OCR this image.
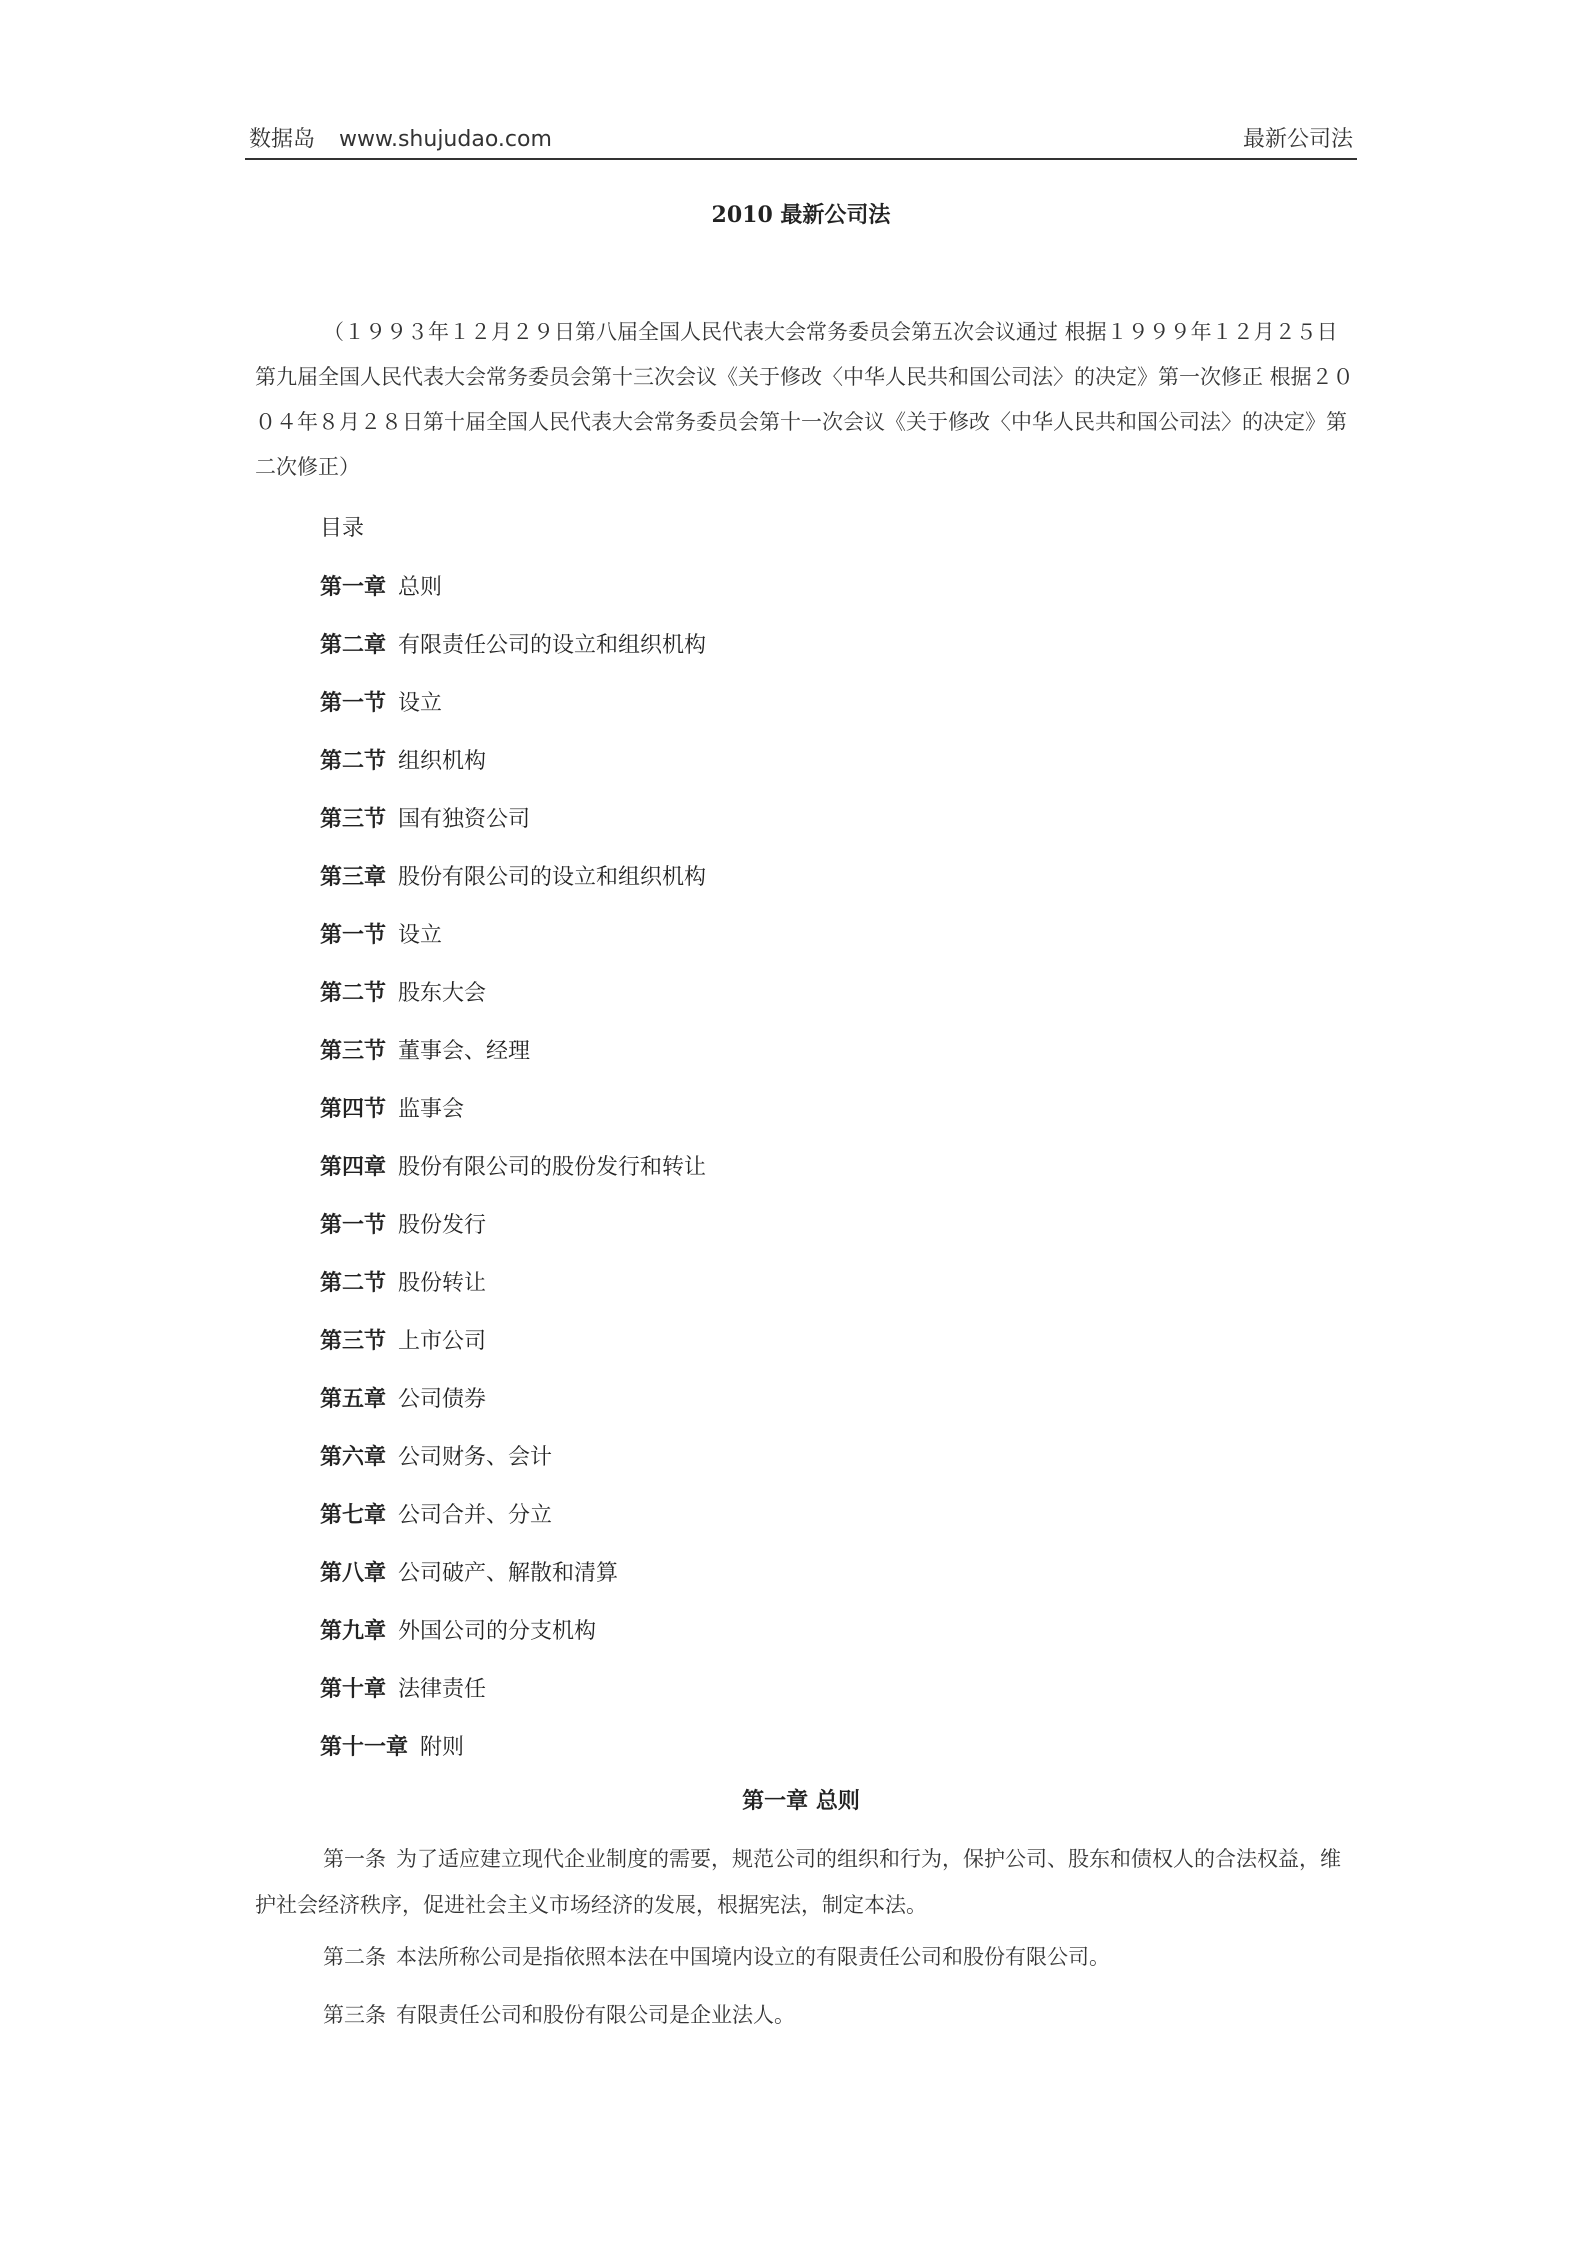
数据岛 www.shujudao.com	最新公司法
2010 最新公司法

（１９９３年１２月２９日第八届全国人民代表大会常务委员会第五次会议通过 根据１９９９年１２月２５日第九届全国人民代表大会常务委员会第十三次会议《关于修改〈中华人民共和国公司法〉的决定》第一次修正 根据２００４年８月２８日第十届全国人民代表大会常务委员会第十一次会议《关于修改〈中华人民共和国公司法〉的决定》第二次修正）

目录
第一章 总则
第二章 有限责任公司的设立和组织机构
第一节 设立
第二节 组织机构
第三节 国有独资公司
第三章 股份有限公司的设立和组织机构
第一节 设立
第二节 股东大会
第三节 董事会、经理
第四节 监事会
第四章 股份有限公司的股份发行和转让
第一节 股份发行
第二节 股份转让
第三节 上市公司
第五章 公司债券
第六章 公司财务、会计
第七章 公司合并、分立
第八章 公司破产、解散和清算
第九章 外国公司的分支机构
第十章 法律责任
第十一章 附则
第一章 总则

第一条 为了适应建立现代企业制度的需要，规范公司的组织和行为，保护公司、股东和债权人的合法权益，维护社会经济秩序，促进社会主义市场经济的发展，根据宪法，制定本法。

第二条 本法所称公司是指依照本法在中国境内设立的有限责任公司和股份有限公司。

第三条 有限责任公司和股份有限公司是企业法人。
